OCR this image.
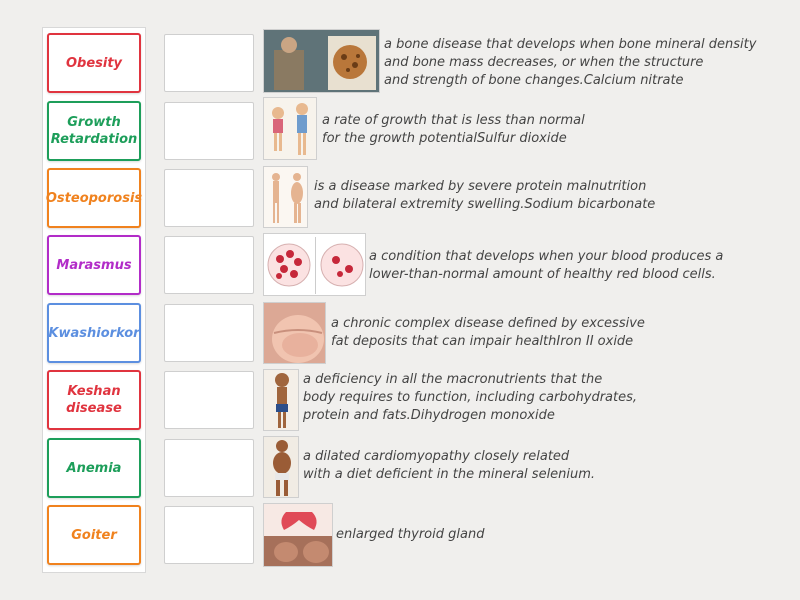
Obesity
Growth Retardation
Osteoporosis
Marasmus
Kwashiorkor
Keshan disease
Anemia
Goiter
a bone disease that develops when bone mineral density
and bone mass decreases, or when the structure
and strength of bone changes.Calcium nitrate
a rate of growth that is less than normal
for the growth potentialSulfur dioxide
is a disease marked by severe protein malnutrition
and bilateral extremity swelling.Sodium bicarbonate
a condition that develops when your blood produces a
lower-than-normal amount of healthy red blood cells.
a chronic complex disease defined by excessive
fat deposits that can impair healthIron II oxide
a deficiency in all the macronutrients that the
body requires to function, including carbohydrates,
protein and fats.Dihydrogen monoxide
a dilated cardiomyopathy closely related
with a diet deficient in the mineral selenium.
enlarged thyroid gland
